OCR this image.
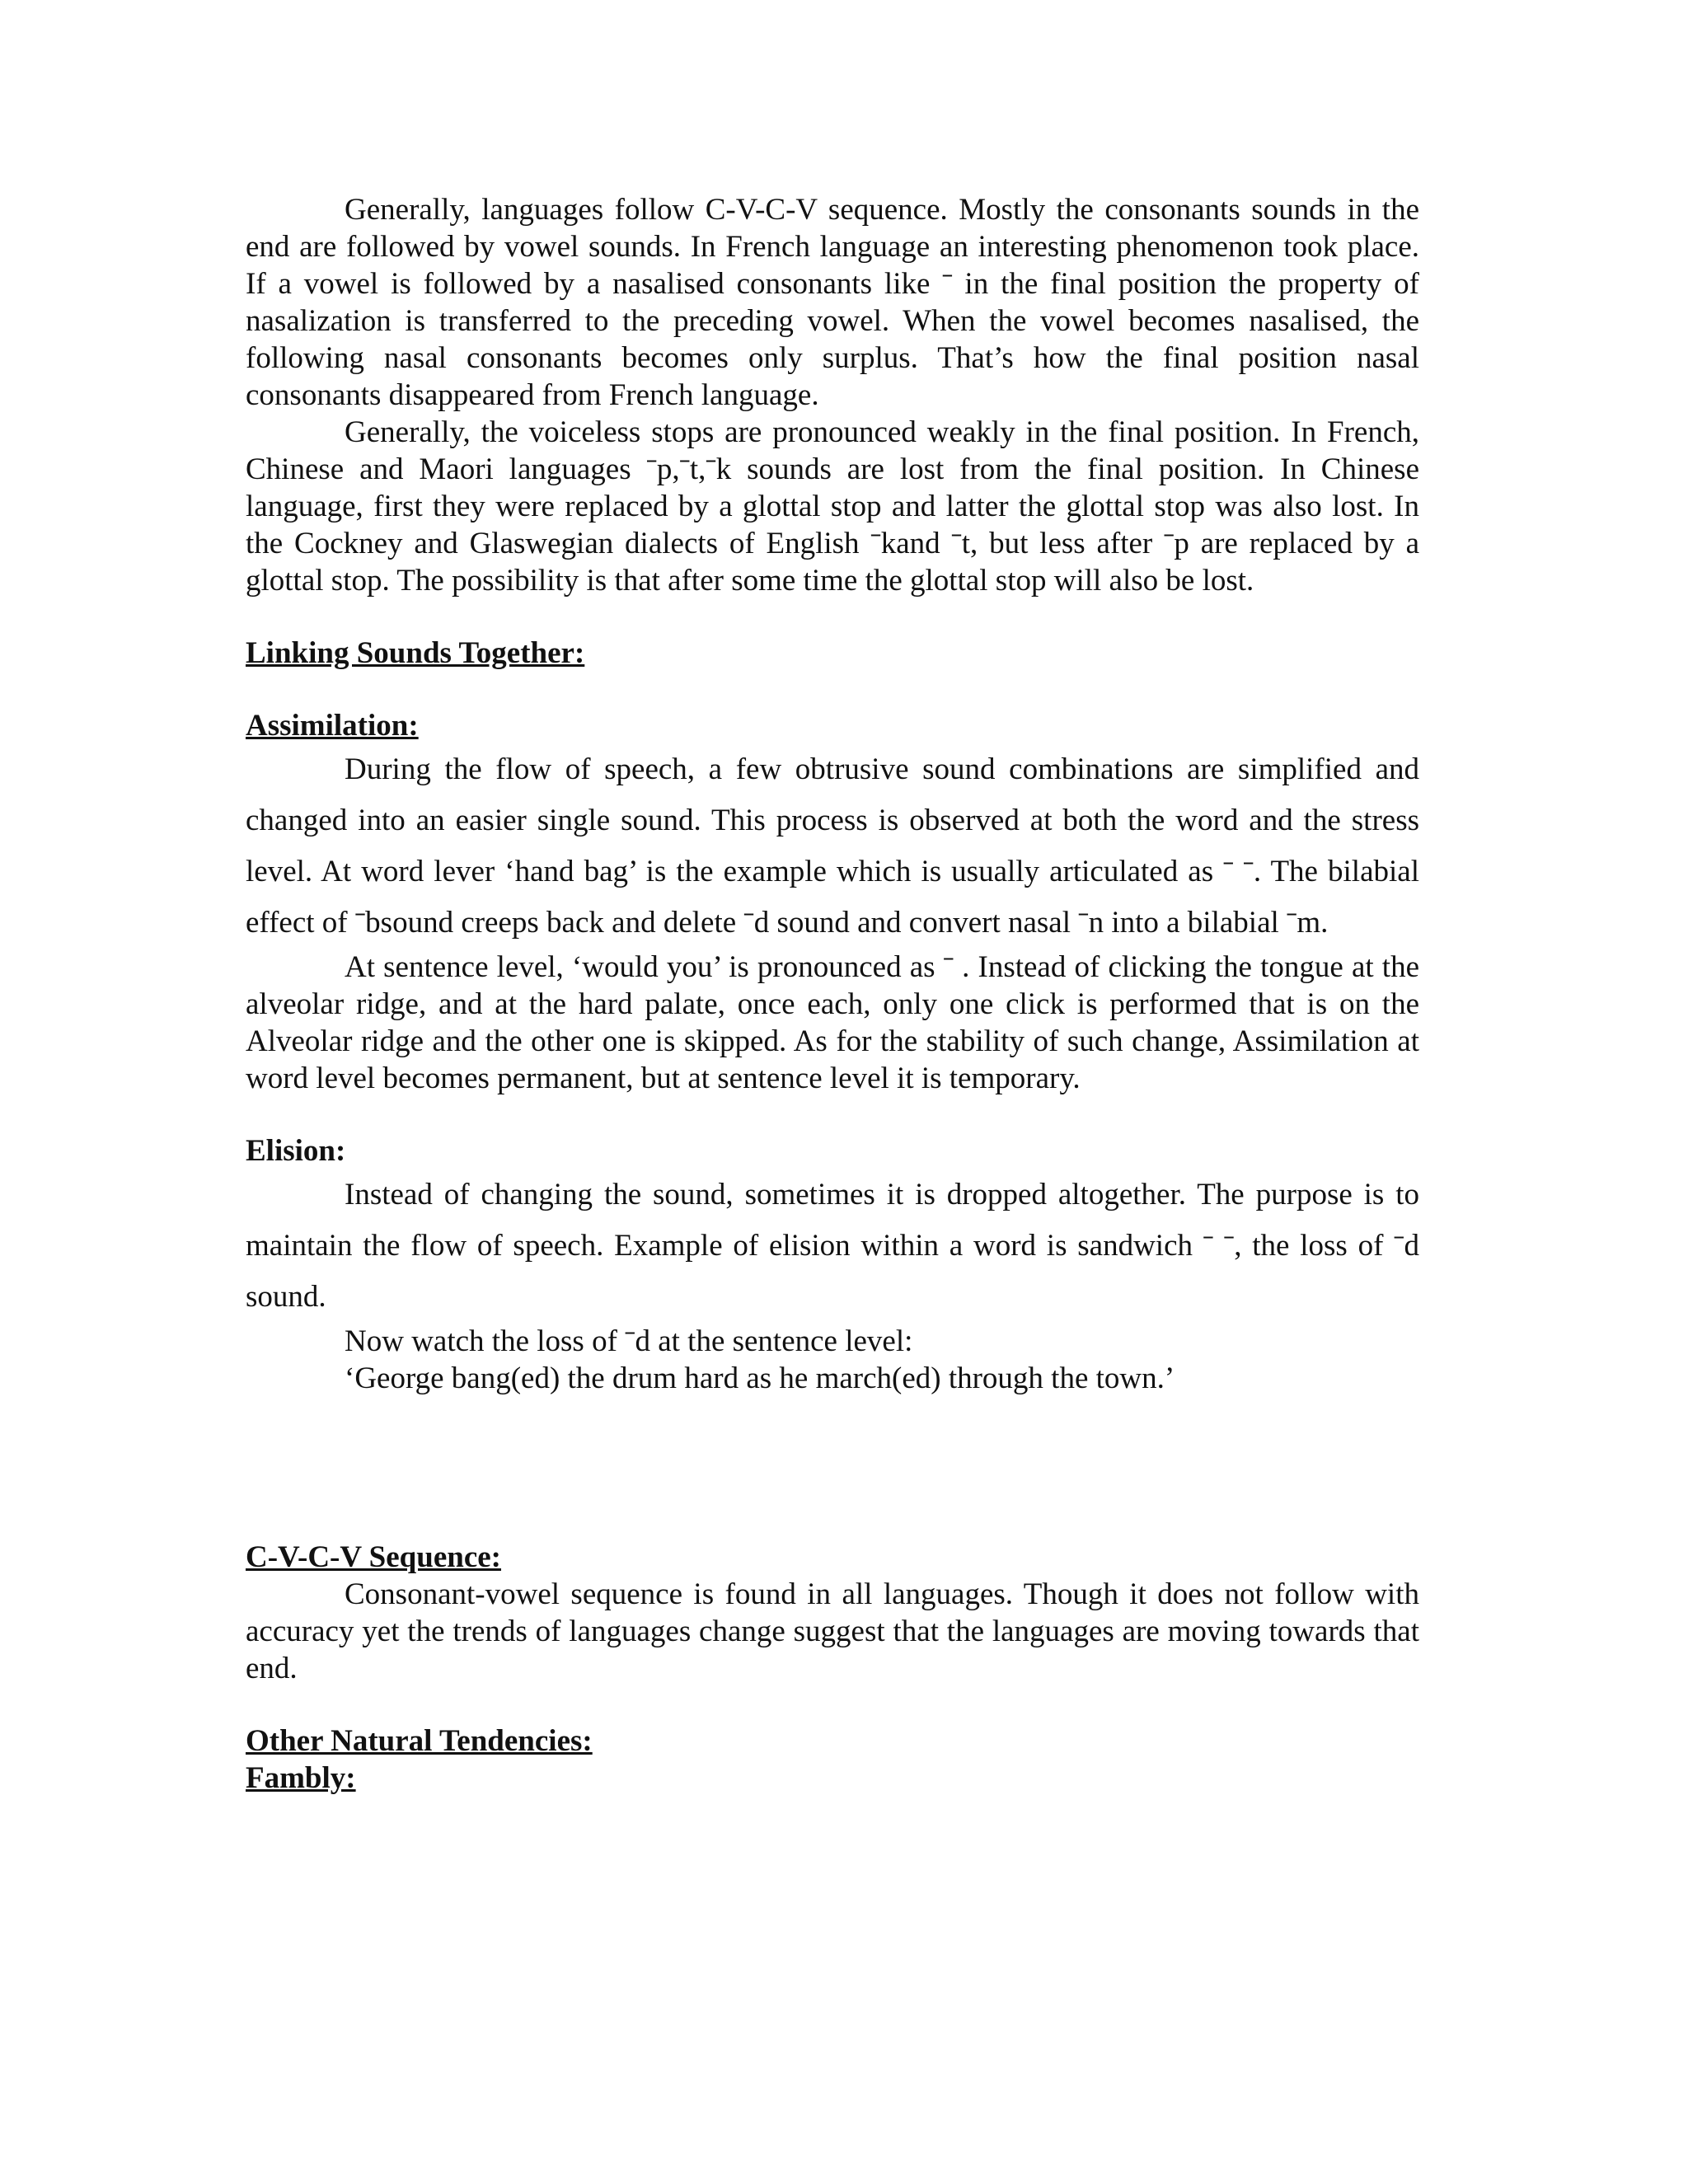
Generally, languages follow C-V-C-V sequence. Mostly the consonants sounds in the end are followed by vowel sounds. In French language an interesting phenomenon took place. If a vowel is followed by a nasalised consonants like ˉ in the final position the property of nasalization is transferred to the preceding vowel. When the vowel becomes nasalised, the following nasal consonants becomes only surplus. That’s how the final position nasal consonants disappeared from French language.

Generally, the voiceless stops are pronounced weakly in the final position. In French, Chinese and Maori languages ˉp,ˉt,ˉk sounds are lost from the final position. In Chinese language, first they were replaced by a glottal stop and latter the glottal stop was also lost. In the Cockney and Glaswegian dialects of English ˉkand ˉt, but less after ˉp are replaced by a glottal stop. The possibility is that after some time the glottal stop will also be lost.

Linking Sounds Together:

Assimilation:

During the flow of speech, a few obtrusive sound combinations are simplified and changed into an easier single sound. This process is observed at both the word and the stress level. At word lever ‘hand bag’ is the example which is usually articulated as ˉ ˉ. The bilabial effect of ˉbsound creeps back and delete ˉd sound and convert nasal ˉn into a bilabial ˉm.

At sentence level, ‘would you’ is pronounced as ˉ . Instead of clicking the tongue at the alveolar ridge, and at the hard palate, once each, only one click is performed that is on the Alveolar ridge and the other one is skipped. As for the stability of such change, Assimilation at word level becomes permanent, but at sentence level it is temporary.

Elision:

Instead of changing the sound, sometimes it is dropped altogether. The purpose is to maintain the flow of speech. Example of elision within a word is sandwich ˉ ˉ, the loss of ˉd sound.

Now watch the loss of ˉd at the sentence level:

‘George bang(ed) the drum hard as he march(ed) through the town.’

C-V-C-V Sequence:

Consonant-vowel sequence is found in all languages. Though it does not follow with accuracy yet the trends of languages change suggest that the languages are moving towards that end.

Other Natural Tendencies:

Fambly:
